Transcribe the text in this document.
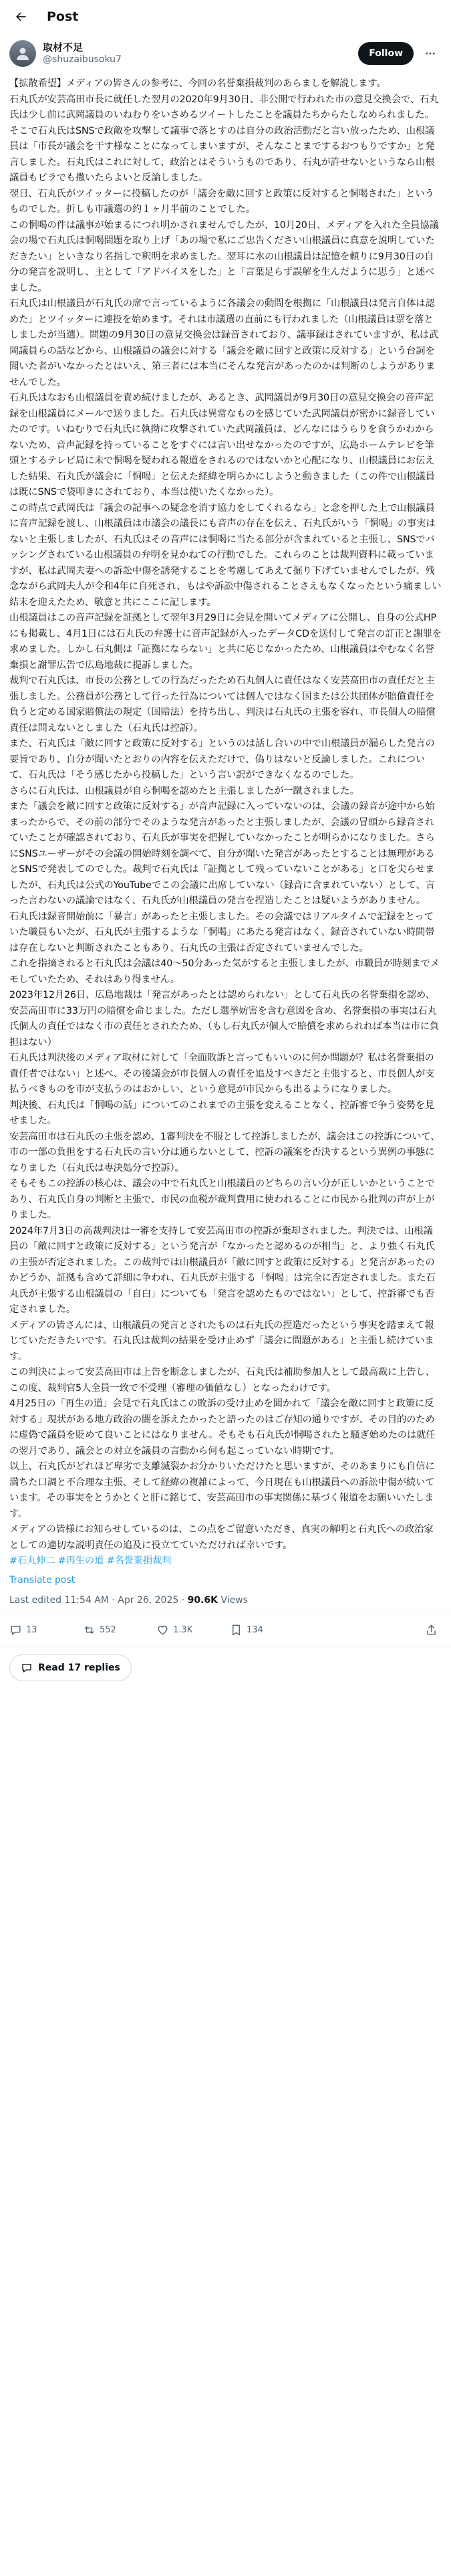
Post
取材不足
@shuzaibusoku7
Follow

【拡散希望】メディアの皆さんの参考に、今回の名誉棄損裁判のあらましを解説します。

石丸氏が安芸高田市長に就任した翌月の2020年9月30日、非公開で行われた市の意見交換会で、石丸氏は少し前に武岡議員のいねむりをいさめるツイートしたことを議員たちからたしなめられました。そこで石丸氏はSNSで政敵を攻撃して議事で落とすのは自分の政治活動だと言い放ったため、山根議員は「市長が議会を干す様なことになってしまいますが、そんなことまでするおつもりですか」と発言しました。石丸氏はこれに対して、政治とはそういうものであり、石丸が許せないというなら山根議員もビラでも撒いたらよいと反論しました。

翌日、石丸氏がツイッターに投稿したのが「議会を敵に回すと政策に反対すると恫喝された」というものでした。折しも市議選の約１ヶ月半前のことでした。

この恫喝の件は議事が始まるにつれ明かされませんでしたが、10月20日、メディアを入れた全員協議会の場で石丸氏は恫喝問題を取り上げ「あの場で私にご忠告ください山根議員に真意を説明していただきたい」といきなり名指しで釈明を求めました。翌耳に水の山根議員は記憶を頼りに9月30日の自分の発言を説明し、主として「アドバイスをした」と「言葉足らず誤解を生んだように思う」と述べました。

石丸氏は山根議員が石丸氏の席で言っているように各議会の動問を根拠に「山根議員は発言自体は認めた」とツイッターに連投を始めます。それは市議選の直前にも行われました（山根議員は票を落としましたが当選）。問題の9月30日の意見交換会は録音されており、議事録はされていますが、私は武岡議員らの話などから、山根議員の議会に対する「議会を敵に回すと政策に反対する」という台詞を聞いた者がいなかったとはいえ、第三者には本当にそんな発言があったのかは判断のしようがありませんでした。

石丸氏はなおも山根議員を責め続けましたが、あるとき、武岡議員が9月30日の意見交換会の音声記録を山根議員にメールで送りました。石丸氏は異常なものを感じていた武岡議員が密かに録音していたのです。いねむりで石丸氏に執拗に攻撃されていた武岡議員は、どんなにはうらりを食うかわからないため、音声記録を持っていることをすぐには言い出せなかったのですが、広島ホームテレビを筆頭とするテレビ局に未で恫喝を疑われる報道をされるのではないかと心配になり、山根議員にお伝えした結果、石丸氏が議会に「恫喝」と伝えた経緯を明らかにしようと動きました（この件で山根議員は既にSNSで袋叩きにされており、本当は使いたくなかった）。

この時点で武岡氏は「議会の記事への疑念を消す協力をしてくれるなら」と念を押した上で山根議員に音声記録を渡し、山根議員は市議会の議長にも音声の存在を伝え、石丸氏がいう「恫喝」の事実はないと主張しましたが、石丸氏はその音声には恫喝に当たる部分が含まれていると主張し、SNSでバッシングされている山根議員の弁明を見かねての行動でした。これらのことは裁判資料に載っていますが、私は武岡夫妻への訴訟中傷を誘発することを考慮してあえて掘り下げていませんでしたが、残念ながら武岡夫人が令和4年に自死され、もはや訴訟中傷されることさえもなくなったという痛ましい結末を迎えたため、敬意と共にここに記します。

山根議員はこの音声記録を証拠として翌年3月29日に会見を開いてメディアに公開し、自身の公式HPにも掲載し、4月1日には石丸氏の弁護士に音声記録が入ったデータCDを送付して発言の訂正と謝罪を求めました。しかし石丸側は「証拠にならない」と共に応じなかったため、山根議員はやむなく名誉棄損と謝罪広告で広島地裁に提訴しました。

裁判で石丸氏は、市長の公務としての行為だったため石丸個人に責任はなく安芸高田市の責任だと主張しました。公務員が公務として行った行為については個人ではなく国または公共団体が賠償責任を負うと定める国家賠償法の規定（国賠法）を持ち出し、判決は石丸氏の主張を容れ、市長個人の賠償責任は問えないとしました（石丸氏は控訴）。

また、石丸氏は「敵に回すと政策に反対する」というのは話し合いの中で山根議員が漏らした発言の要旨であり、自分が聞いたとおりの内容を伝えただけで、偽りはないと反論しました。これについて、石丸氏は「そう感じたから投稿した」という言い訳ができなくなるのでした。

さらに石丸氏は、山根議員が自ら恫喝を認めたと主張しましたが一蹴されました。

また「議会を敵に回すと政策に反対する」が音声記録に入っていないのは、会議の録音が途中から始まったからで、その前の部分でそのような発言があったと主張しましたが、会議の冒頭から録音されていたことが確認されており、石丸氏が事実を把握していなかったことが明らかになりました。さらにSNSユーザーがその会議の開始時刻を調べて、自分が聞いた発言があったとすることは無理があるとSNSで発表してのでした。裁判で石丸氏は「証拠として残っていないことがある」と口を尖らせましたが、石丸氏は公式のYouTubeでこの会議に出席していない（録音に含まれていない）として、言った言わないの議論ではなく、石丸氏が山根議員の発言を捏造したことは疑いようがありません。

石丸氏は録音開始前に「暴言」があったと主張しました。その会議ではリアルタイムで記録をとっていた職員もいたが、石丸氏が主張するような「恫喝」にあたる発言はなく、録音されていない時間帯は存在しないと判断されたこともあり、石丸氏の主張は否定されていませんでした。

これを指摘されると石丸氏は会議は40〜50分あった気がすると主張しましたが、市職員が時刻までメモしていたため、それはあり得ません。

2023年12月26日、広島地裁は「発言があったとは認められない」として石丸氏の名誉棄損を認め、安芸高田市に33万円の賠償を命じました。ただし選挙妨害を含む意図を含め、名誉棄損の事実は石丸氏個人の責任ではなく市の責任とされたため、（もし石丸氏が個人で賠償を求められれば本当は市に負担はない）

石丸氏は判決後のメディア取材に対して「全面敗訴と言ってもいいのに何か問題が？私は名誉棄損の責任者ではない」と述べ、その後議会が市長個人の責任を追及すべきだと主張すると、市長個人が支払うべきものを市が支払うのはおかしい、という意見が市民からも出るようになりました。

判決後、石丸氏は「恫喝の話」についてのこれまでの主張を変えることなく、控訴審で争う姿勢を見せました。

安芸高田市は石丸氏の主張を認め、1審判決を不服として控訴しましたが、議会はこの控訴について、市の一部の負担をする石丸氏の言い分は通らないとして、控訴の議案を否決するという異例の事態になりました（石丸氏は専決処分で控訴）。

そもそもこの控訴の核心は、議会の中で石丸氏と山根議員のどちらの言い分が正しいかということであり、石丸氏自身の判断と主張で、市民の血税が裁判費用に使われることに市民から批判の声が上がりました。

2024年7月3日の高裁判決は一審を支持して安芸高田市の控訴が棄却されました。判決では、山根議員の「敵に回すと政策に反対する」という発言が「なかったと認めるのが相当」と、より強く石丸氏の主張が否定されました。この裁判では山根議員が「敵に回すと政策に反対する」と発言があったのかどうか、証拠も含めて詳細に争われ、石丸氏が主張する「恫喝」は完全に否定されました。また石丸氏が主張する山根議員の「自白」についても「発言を認めたものではない」として、控訴審でも否定されました。

メディアの皆さんには、山根議員の発言とされたものは石丸氏の捏造だったという事実を踏まえて報じていただきたいです。石丸氏は裁判の結果を受け止めず「議会に問題がある」と主張し続けています。

この判決によって安芸高田市は上告を断念しましたが、石丸氏は補助参加人として最高裁に上告し、この度、裁判官5人全員一致で不受理（審理の価値なし）となったわけです。

4月25日の「再生の道」会見で石丸氏はこの敗訴の受け止めを聞かれて「議会を敵に回すと政策に反対する」現状がある地方政治の闇を訴えたかったと語ったのはご存知の通りですが、その目的のために虚偽で議員を貶めて良いことにはなりません。そもそも石丸氏が恫喝されたと騒ぎ始めたのは就任の翌月であり、議会との対立を議員の言動から何も起こっていない時期です。

以上、石丸氏がどれほど卑劣で支離滅裂かお分かりいただけたと思いますが、そのあまりにも自信に満ちた口調と不合理な主張、そして経緯の複雑によって、今日現在も山根議員への訴訟中傷が続いています。その事実をとうかとくと肝に銘じて、安芸高田市の事実関係に基づく報道をお願いいたします。

メディアの皆様にお知らせしているのは、この点をご留意いただき、真実の解明と石丸氏への政治家としての適切な説明責任の追及に役立てていただければ幸いです。

#石丸伸二 #再生の道 #名誉棄損裁判

Translate post
Last edited 11:54 AM · Apr 26, 2025 · 90.6K Views
13	552	1.3K	134
Read 17 replies
